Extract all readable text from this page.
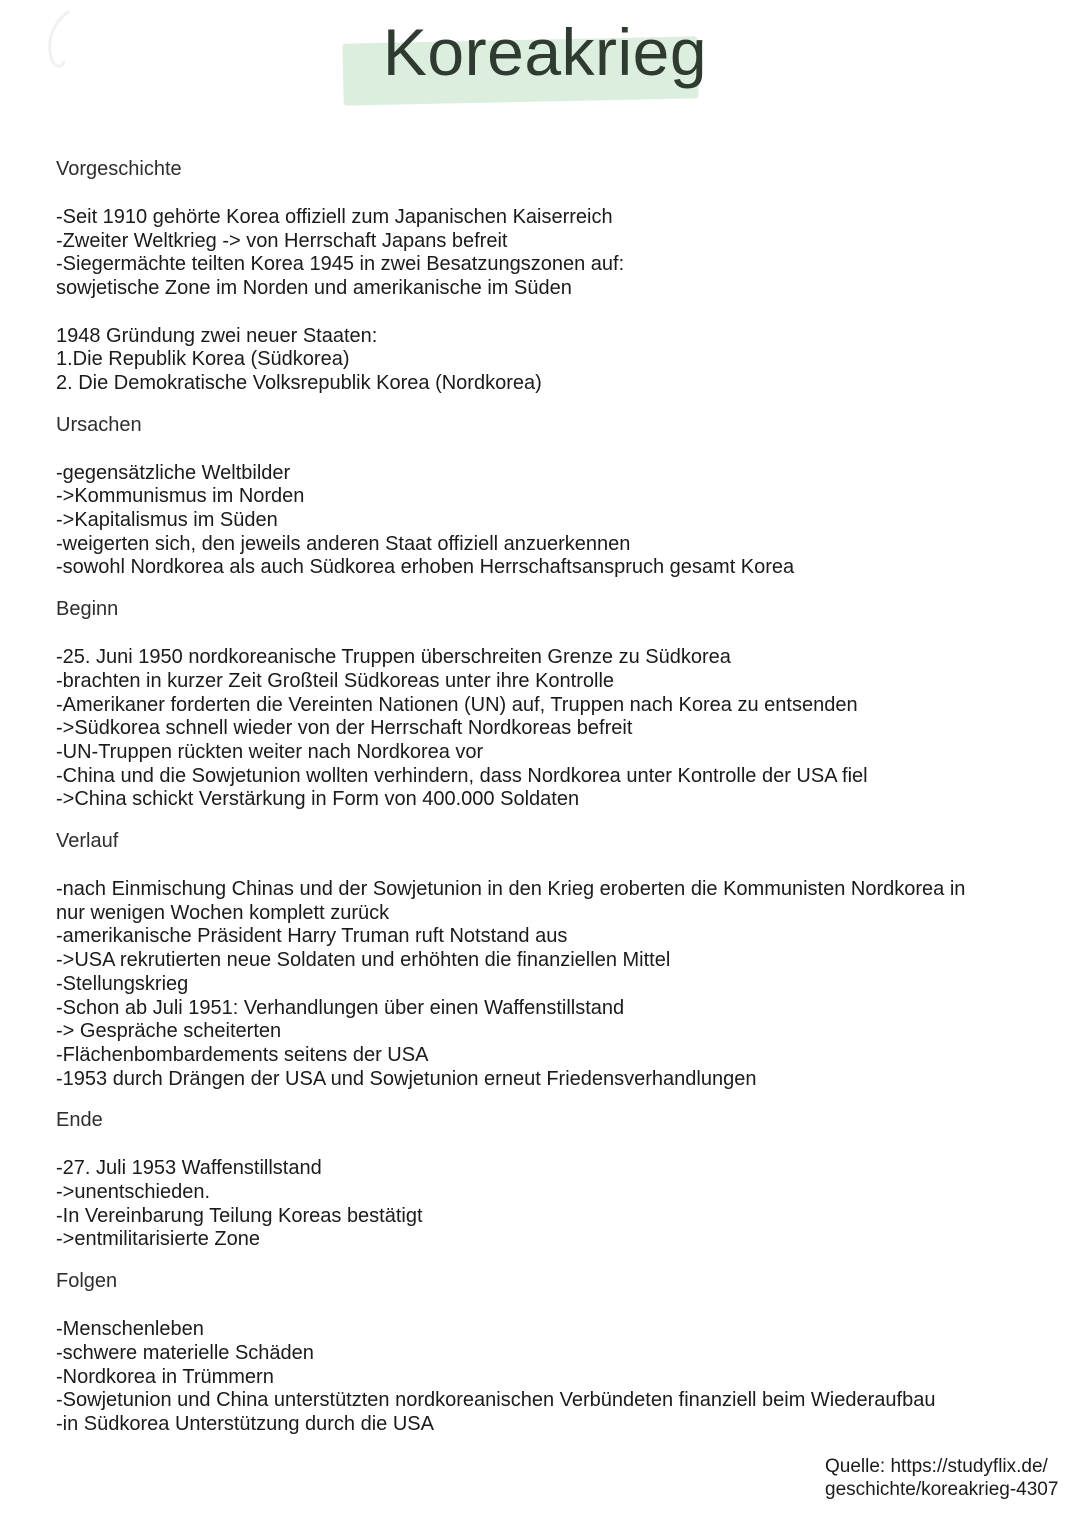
Koreakrieg
Vorgeschichte
-Seit 1910 gehörte Korea offiziell zum Japanischen Kaiserreich
-Zweiter Weltkrieg -> von Herrschaft Japans befreit
-Siegermächte teilten Korea 1945 in zwei Besatzungszonen auf:
sowjetische Zone im Norden und amerikanische im Süden
1948 Gründung zwei neuer Staaten:
1.Die Republik Korea (Südkorea)
2. Die Demokratische Volksrepublik Korea (Nordkorea)
Ursachen
-gegensätzliche Weltbilder
->Kommunismus im Norden
->Kapitalismus im Süden
-weigerten sich, den jeweils anderen Staat offiziell anzuerkennen
-sowohl Nordkorea als auch Südkorea erhoben Herrschaftsanspruch gesamt Korea
Beginn
-25. Juni 1950 nordkoreanische Truppen überschreiten Grenze zu Südkorea
-brachten in kurzer Zeit Großteil Südkoreas unter ihre Kontrolle
-Amerikaner forderten die Vereinten Nationen (UN) auf, Truppen nach Korea zu entsenden
->Südkorea schnell wieder von der Herrschaft Nordkoreas befreit
-UN-Truppen rückten weiter nach Nordkorea vor
-China und die Sowjetunion wollten verhindern, dass Nordkorea unter Kontrolle der USA fiel
->China schickt Verstärkung in Form von 400.000 Soldaten
Verlauf
-nach Einmischung Chinas und der Sowjetunion in den Krieg eroberten die Kommunisten Nordkorea in
nur wenigen Wochen komplett zurück
-amerikanische Präsident Harry Truman ruft Notstand aus
->USA rekrutierten neue Soldaten und erhöhten die finanziellen Mittel
-Stellungskrieg
-Schon ab Juli 1951: Verhandlungen über einen Waffenstillstand
-> Gespräche scheiterten
-Flächenbombardements seitens der USA
-1953 durch Drängen der USA und Sowjetunion erneut Friedensverhandlungen
Ende
-27. Juli 1953 Waffenstillstand
->unentschieden.
-In Vereinbarung Teilung Koreas bestätigt
->entmilitarisierte Zone
Folgen
-Menschenleben
-schwere materielle Schäden
-Nordkorea in Trümmern
-Sowjetunion und China unterstützten nordkoreanischen Verbündeten finanziell beim Wiederaufbau
-in Südkorea Unterstützung durch die USA
Quelle: https://studyflix.de/
geschichte/koreakrieg-4307
